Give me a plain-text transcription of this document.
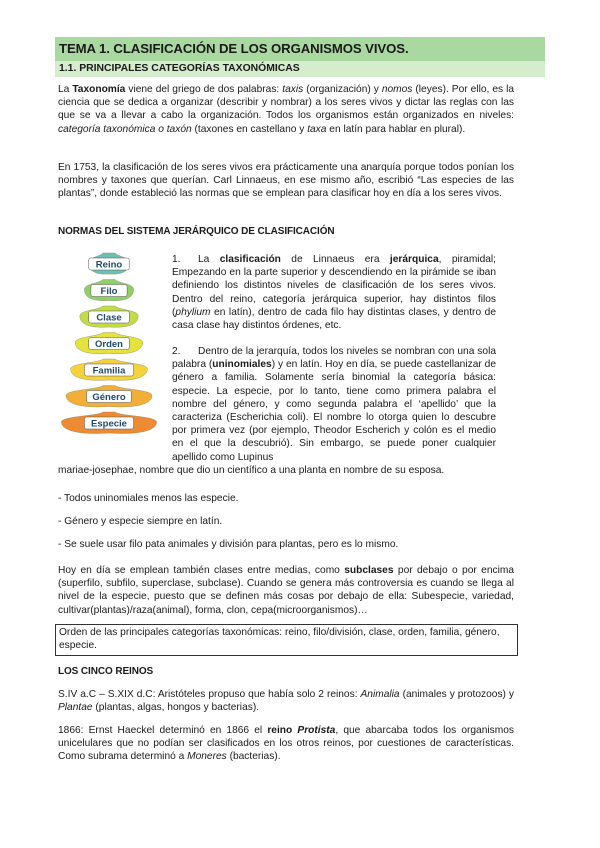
TEMA 1. CLASIFICACIÓN DE LOS ORGANISMOS VIVOS.
1.1. PRINCIPALES CATEGORÍAS TAXONÓMICAS
La Taxonomía viene del griego de dos palabras: taxis (organización) y nomos (leyes). Por ello, es la ciencia que se dedica a organizar (describir y nombrar) a los seres vivos y dictar las reglas con las que se va a llevar a cabo la organización. Todos los organismos están organizados en niveles: categoría taxonómica o taxón (taxones en castellano y taxa en latín para hablar en plural).
En 1753, la clasificación de los seres vivos era prácticamente una anarquía porque todos ponían los nombres y taxones que querían. Carl Linnaeus, en ese mismo año, escribió “Las especies de las plantas”, donde estableció las normas que se emplean para clasificar hoy en día a los seres vivos.
NORMAS DEL SISTEMA JERÁRQUICO DE CLASIFICACIÓN
Reino
Filo
Clase
Orden
Familia
Género
Especie
1. La clasificación de Linnaeus era jerárquica, piramidal; Empezando en la parte superior y descendiendo en la pirámide se iban definiendo los distintos niveles de clasificación de los seres vivos. Dentro del reino, categoría jerárquica superior, hay distintos filos (phylium en latín), dentro de cada filo hay distintas clases, y dentro de casa clase hay distintos órdenes, etc.
2. Dentro de la jerarquía, todos los niveles se nombran con una sola palabra (uninomiales) y en latín. Hoy en día, se puede castellanizar de género a familia. Solamente sería binomial la categoría básica: especie. La especie, por lo tanto, tiene como primera palabra el nombre del género, y como segunda palabra el ‘apellido’ que la caracteriza (Escherichia coli). El nombre lo otorga quien lo descubre por primera vez (por ejemplo, Theodor Escherich y colón es el medio en el que la descubrió). Sin embargo, se puede poner cualquier apellido como Lupinus
mariae-josephae, nombre que dio un científico a una planta en nombre de su esposa.
- Todos uninomiales menos las especie.
- Género y especie siempre en latín.
- Se suele usar filo pata animales y división para plantas, pero es lo mismo.
Hoy en día se emplean también clases entre medias, como subclases por debajo o por encima (superfilo, subfilo, superclase, subclase). Cuando se genera más controversia es cuando se llega al nivel de la especie, puesto que se definen más cosas por debajo de ella: Subespecie, variedad, cultivar(plantas)/raza(animal), forma, clon, cepa(microorganismos)…
Orden de las principales categorías taxonómicas: reino, filo/división, clase, orden, familia, género, especie.
LOS CINCO REINOS
S.IV a.C – S.XIX d.C: Aristóteles propuso que había solo 2 reinos: Animalia (animales y protozoos) y Plantae (plantas, algas, hongos y bacterias).
1866: Ernst Haeckel determinó en 1866 el reino Protista, que abarcaba todos los organismos unicelulares que no podían ser clasificados en los otros reinos, por cuestiones de características. Como subrama determinó a Moneres (bacterias).
